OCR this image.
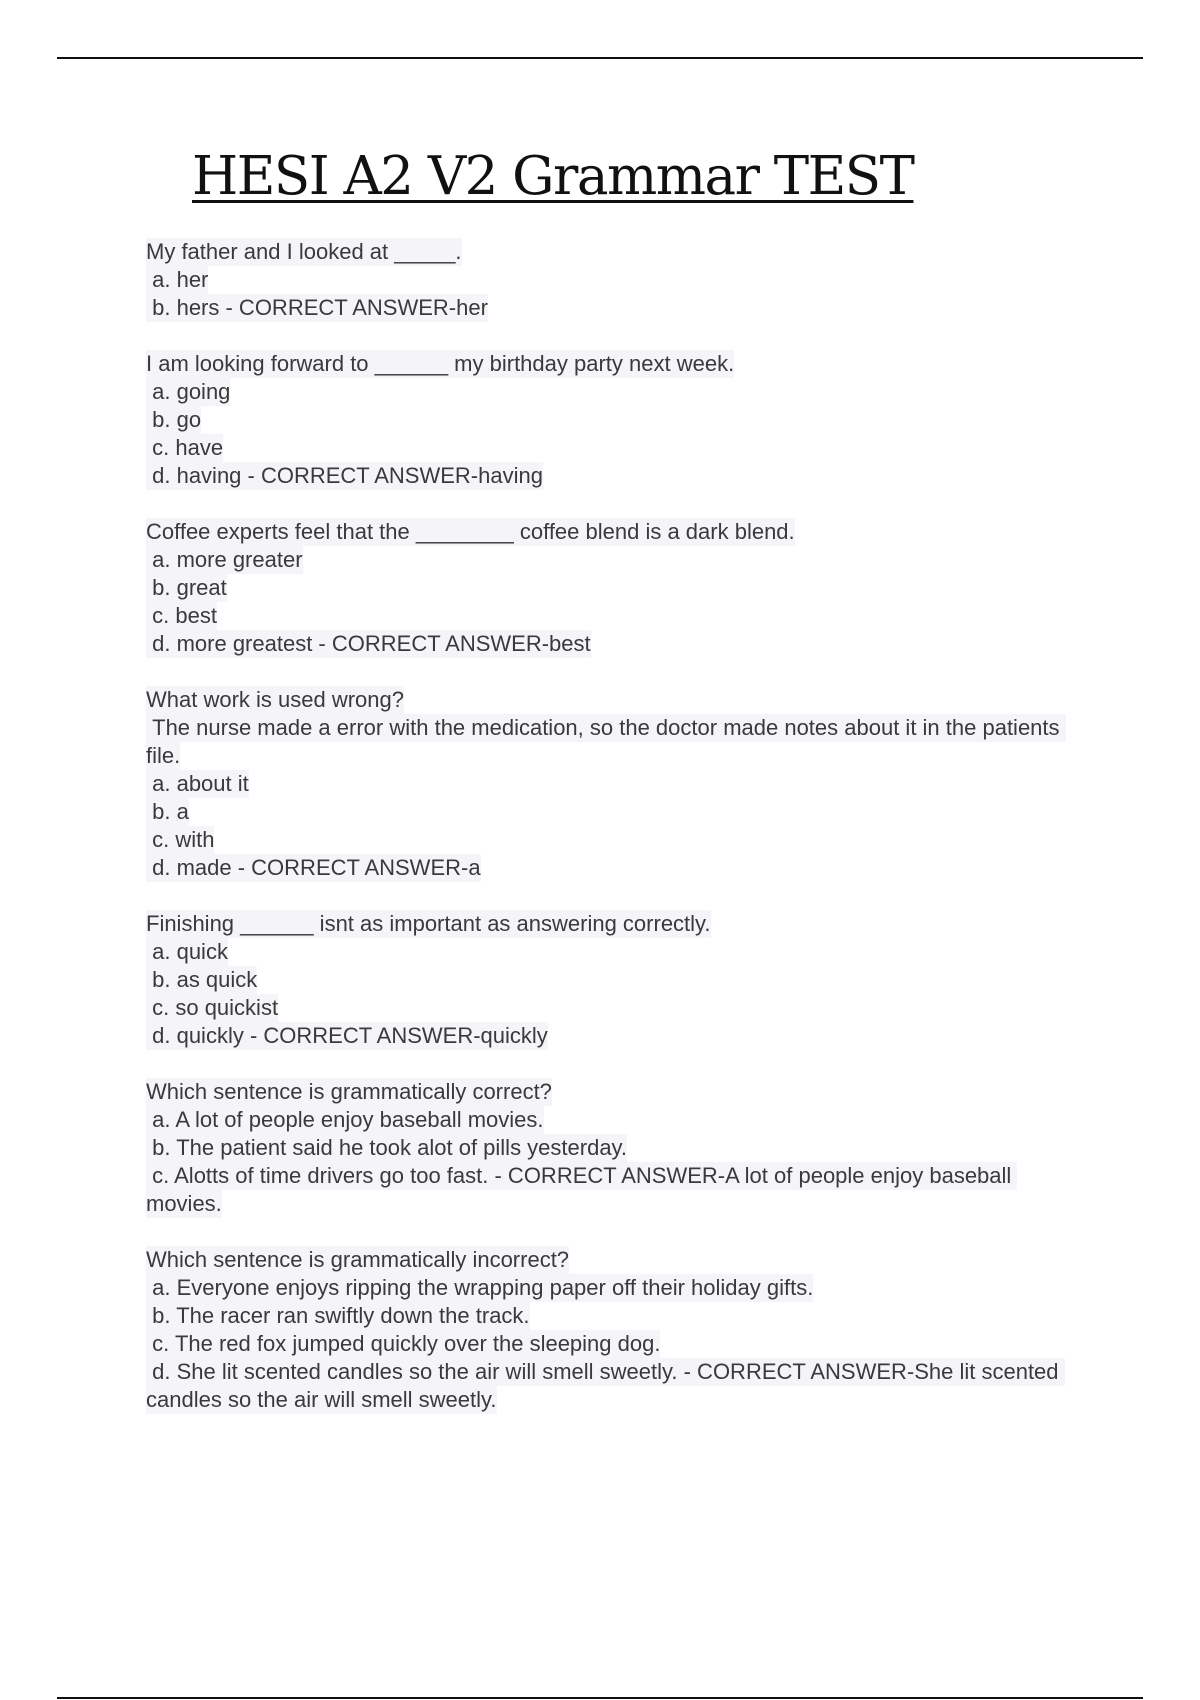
HESI A2 V2 Grammar TEST
My father and I looked at _____.
a. her
b. hers - CORRECT ANSWER-her
I am looking forward to ______ my birthday party next week.
a. going
b. go
c. have
d. having - CORRECT ANSWER-having
Coffee experts feel that the ________ coffee blend is a dark blend.
a. more greater
b. great
c. best
d. more greatest - CORRECT ANSWER-best
What work is used wrong?
The nurse made a error with the medication, so the doctor made notes about it in the patients file.
a. about it
b. a
c. with
d. made - CORRECT ANSWER-a
Finishing ______ isnt as important as answering correctly.
a. quick
b. as quick
c. so quickist
d. quickly - CORRECT ANSWER-quickly
Which sentence is grammatically correct?
a. A lot of people enjoy baseball movies.
b. The patient said he took alot of pills yesterday.
c. Alotts of time drivers go too fast. - CORRECT ANSWER-A lot of people enjoy baseball movies.
Which sentence is grammatically incorrect?
a. Everyone enjoys ripping the wrapping paper off their holiday gifts.
b. The racer ran swiftly down the track.
c. The red fox jumped quickly over the sleeping dog.
d. She lit scented candles so the air will smell sweetly. - CORRECT ANSWER-She lit scented candles so the air will smell sweetly.
